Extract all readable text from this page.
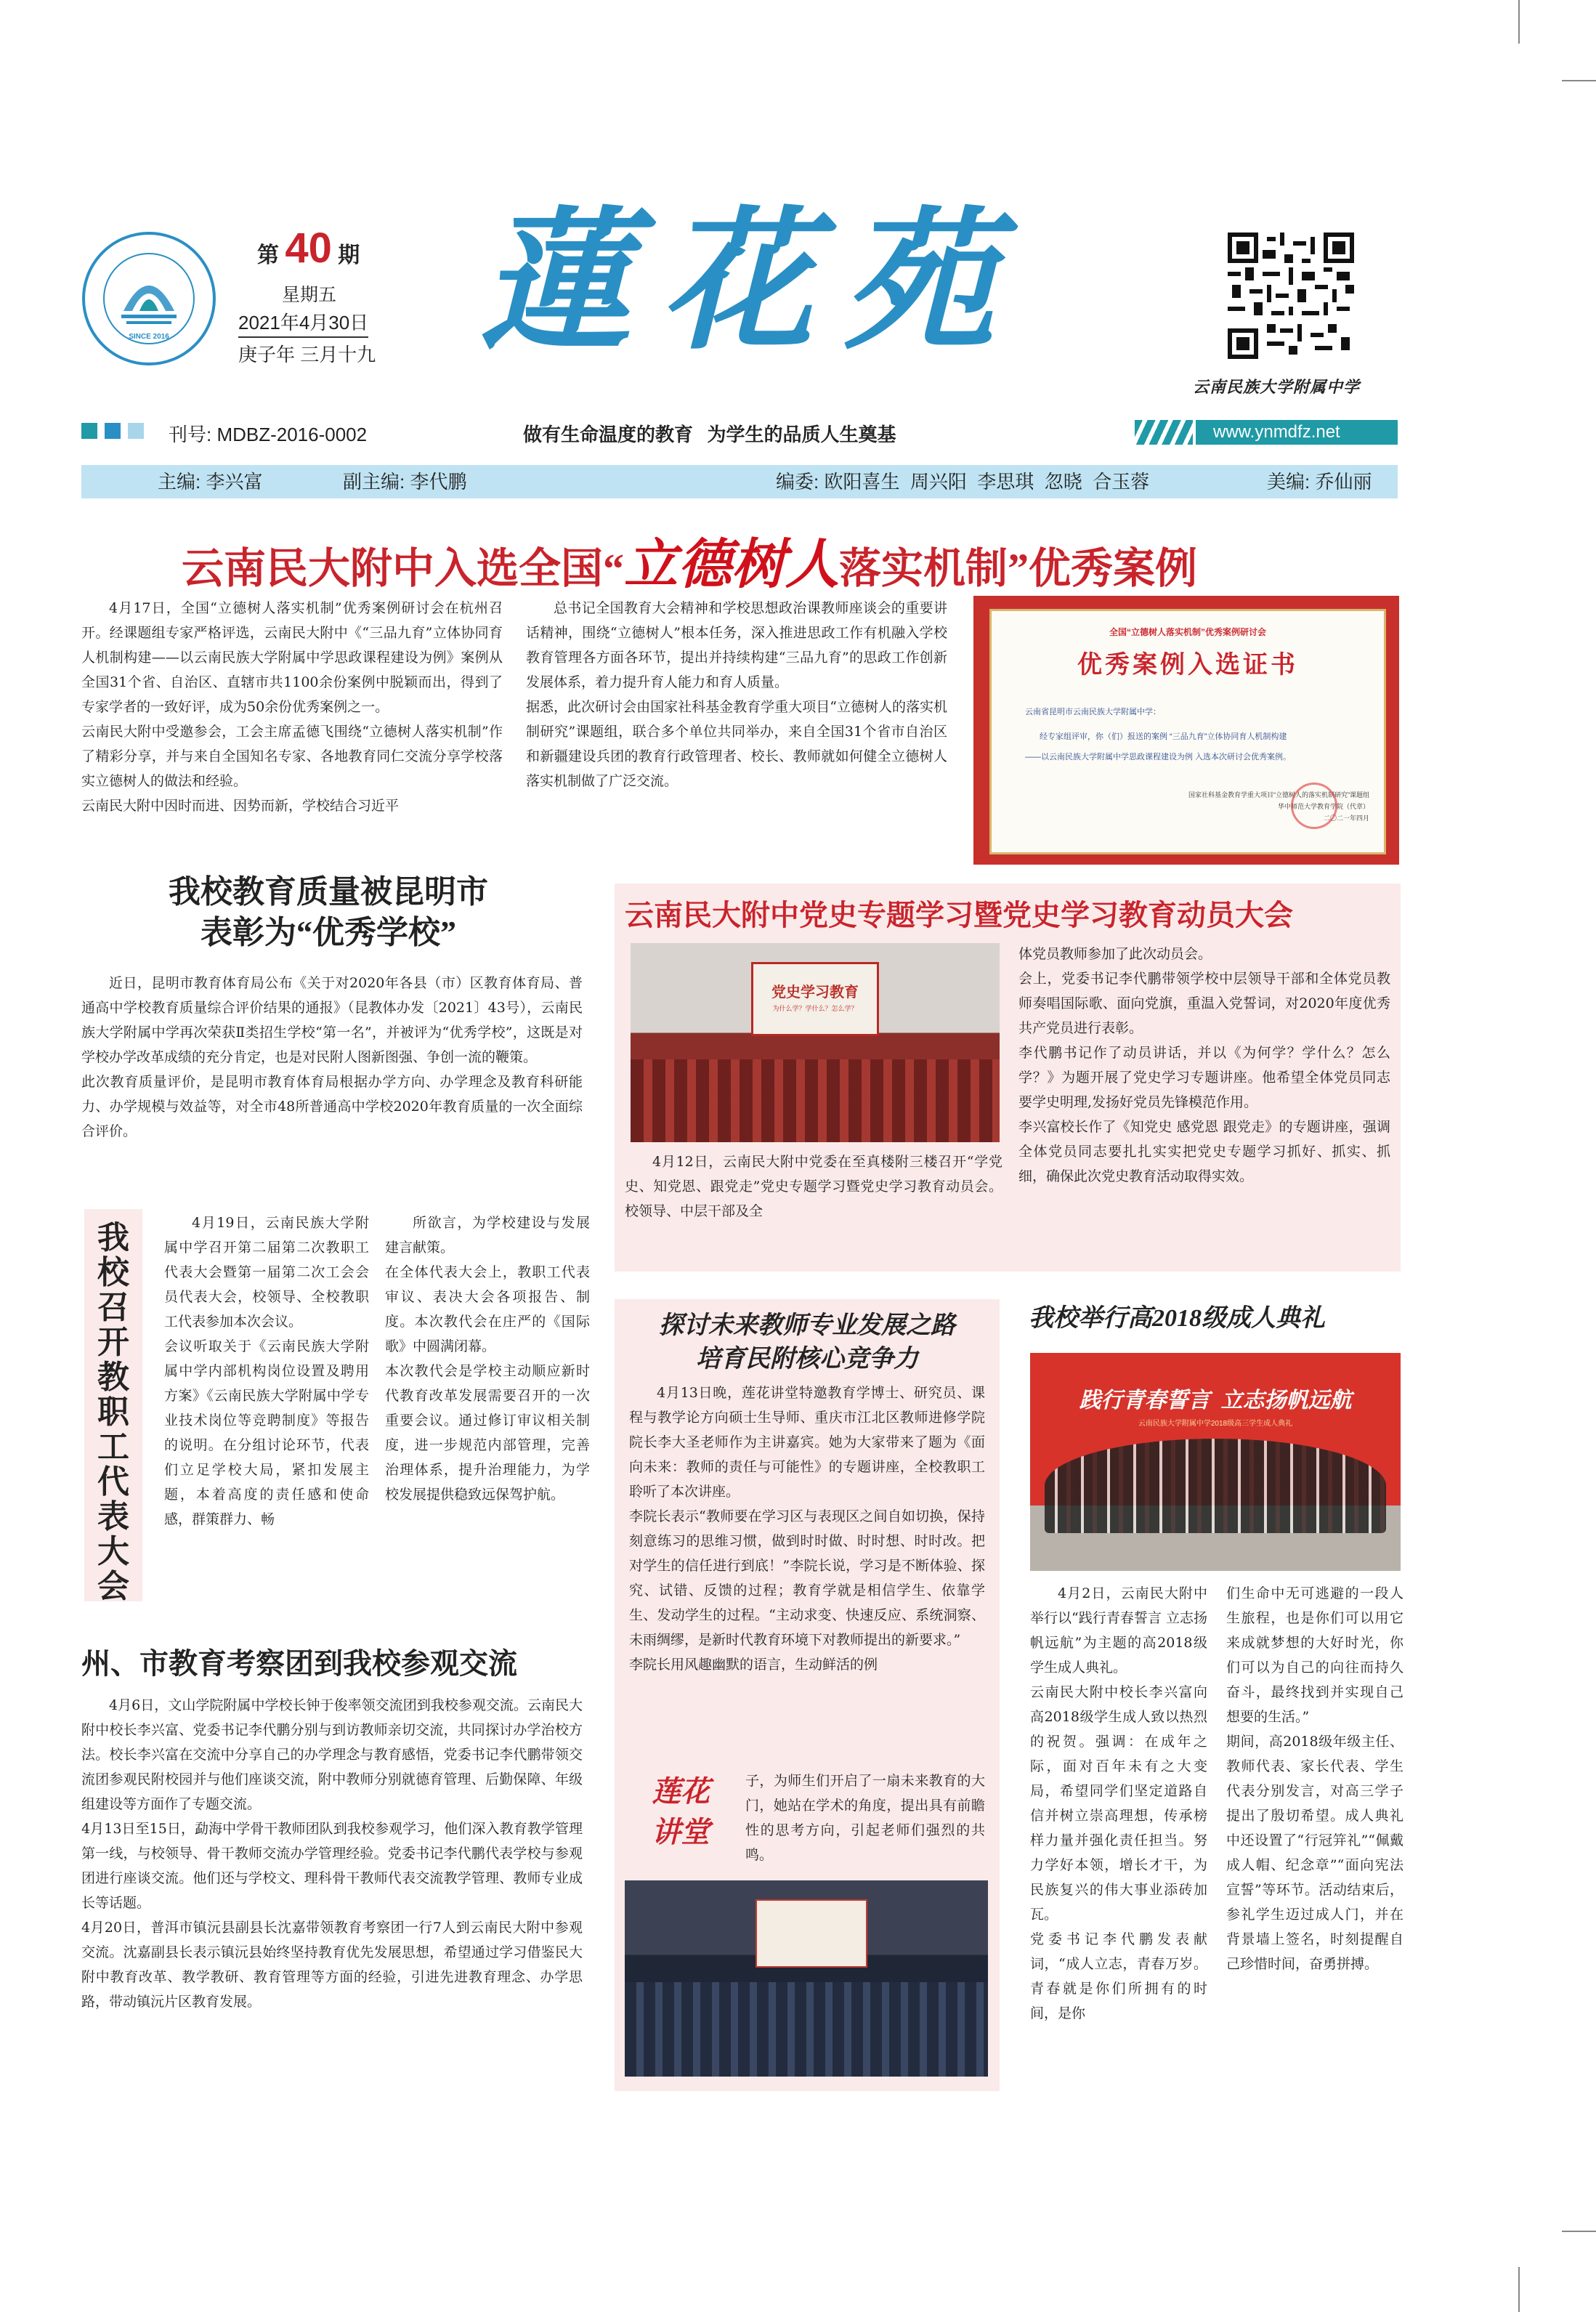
SINCE 2016
第 40 期
星期五
2021年4月30日
庚子年 三月十九 蓮花苑
云南民族大学附属中学
刊号: MDBZ-2016-0002	做有生命温度的教育   为学生的品质人生奠基	www.ynmdfz.net
主编: 李兴富	副主编: 李代鹏	编委: 欧阳喜生  周兴阳  李思琪  忽晓  合玉蓉	美编: 乔仙丽
云南民大附中入选全国“立德树人落实机制”优秀案例

4月17日，全国“立德树人落实机制”优秀案例研讨会在杭州召开。经课题组专家严格评选，云南民大附中《“三品九育”立体协同育人机制构建——以云南民族大学附属中学思政课程建设为例》案例从全国31个省、自治区、直辖市共1100余份案例中脱颖而出，得到了专家学者的一致好评，成为50余份优秀案例之一。
云南民大附中受邀参会，工会主席孟德飞围绕“立德树人落实机制”作了精彩分享，并与来自全国知名专家、各地教育同仁交流分享学校落实立德树人的做法和经验。
云南民大附中因时而进、因势而新，学校结合习近平

总书记全国教育大会精神和学校思想政治课教师座谈会的重要讲话精神，围绕“立德树人”根本任务，深入推进思政工作有机融入学校教育管理各方面各环节，提出并持续构建“三品九育”的思政工作创新发展体系，着力提升育人能力和育人质量。
据悉，此次研讨会由国家社科基金教育学重大项目“立德树人的落实机制研究”课题组，联合多个单位共同举办，来自全国31个省市自治区和新疆建设兵团的教育行政管理者、校长、教师就如何健全立德树人落实机制做了广泛交流。

全国“立德树人落实机制”优秀案例研讨会
优秀案例入选证书
云南省昆明市云南民族大学附属中学：
经专家组评审，你（们）报送的案例 “三品九育”立体协同育人机制构建
——以云南民族大学附属中学思政课程建设为例 入选本次研讨会优秀案例。
国家社科基金教育学重大项目“立德树人的落实机制研究”课题组
华中师范大学教育学院（代章）
二〇二一年四月
我校教育质量被昆明市
表彰为“优秀学校”

近日，昆明市教育体育局公布《关于对2020年各县（市）区教育体育局、普通高中学校教育质量综合评价结果的通报》（昆教体办发〔2021〕43号），云南民族大学附属中学再次荣获Ⅱ类招生学校“第一名”，并被评为“优秀学校”，这既是对学校办学改革成绩的充分肯定，也是对民附人图新图强、争创一流的鞭策。
此次教育质量评价，是昆明市教育体育局根据办学方向、办学理念及教育科研能力、办学规模与效益等，对全市48所普通高中学校2020年教育质量的一次全面综合评价。

我校召开教职工代表大会

4月19日，云南民族大学附属中学召开第二届第二次教职工代表大会暨第一届第二次工会会员代表大会，校领导、全校教职工代表参加本次会议。
会议听取关于《云南民族大学附属中学内部机构岗位设置及聘用方案》《云南民族大学附属中学专业技术岗位等竞聘制度》等报告的说明。在分组讨论环节，代表们立足学校大局，紧扣发展主题，本着高度的责任感和使命感，群策群力、畅

所欲言，为学校建设与发展建言献策。
在全体代表大会上，教职工代表审议、表决大会各项报告、制度。本次教代会在庄严的《国际歌》中圆满闭幕。
本次教代会是学校主动顺应新时代教育改革发展需要召开的一次重要会议。通过修订审议相关制度，进一步规范内部管理，完善治理体系，提升治理能力，为学校发展提供稳致远保驾护航。

州、市教育考察团到我校参观交流

4月6日，文山学院附属中学校长钟于俊率领交流团到我校参观交流。云南民大附中校长李兴富、党委书记李代鹏分别与到访教师亲切交流，共同探讨办学治校方法。校长李兴富在交流中分享自己的办学理念与教育感悟，党委书记李代鹏带领交流团参观民附校园并与他们座谈交流，附中教师分别就德育管理、后勤保障、年级组建设等方面作了专题交流。
4月13日至15日，勐海中学骨干教师团队到我校参观学习，他们深入教育教学管理第一线，与校领导、骨干教师交流办学管理经验。党委书记李代鹏代表学校与参观团进行座谈交流。他们还与学校文、理科骨干教师代表交流教学管理、教师专业成长等话题。
4月20日，普洱市镇沅县副县长沈嘉带领教育考察团一行7人到云南民大附中参观交流。沈嘉副县长表示镇沅县始终坚持教育优先发展思想，希望通过学习借鉴民大附中教育改革、教学教研、教育管理等方面的经验，引进先进教育理念、办学思路，带动镇沅片区教育发展。

云南民大附中党史专题学习暨党史学习教育动员大会
党史学习教育
为什么学？学什么？怎么学？

4月12日，云南民大附中党委在至真楼附三楼召开“学党史、知党恩、跟党走”党史专题学习暨党史学习教育动员会。校领导、中层干部及全

体党员教师参加了此次动员会。
会上，党委书记李代鹏带领学校中层领导干部和全体党员教师奏唱国际歌、面向党旗，重温入党誓词，对2020年度优秀共产党员进行表彰。
李代鹏书记作了动员讲话，并以《为何学？学什么？怎么学？》为题开展了党史学习专题讲座。他希望全体党员同志要学史明理,发扬好党员先锋模范作用。
李兴富校长作了《知党史 感党恩 跟党走》的专题讲座，强调全体党员同志要扎扎实实把党史专题学习抓好、抓实、抓细，确保此次党史教育活动取得实效。

探讨未来教师专业发展之路
培育民附核心竞争力

4月13日晚，莲花讲堂特邀教育学博士、研究员、课程与教学论方向硕士生导师、重庆市江北区教师进修学院院长李大圣老师作为主讲嘉宾。她为大家带来了题为《面向未来：教师的责任与可能性》的专题讲座，全校教职工聆听了本次讲座。
李院长表示“教师要在学习区与表现区之间自如切换，保持刻意练习的思维习惯，做到时时做、时时想、时时改。把对学生的信任进行到底！”李院长说，学习是不断体验、探究、试错、反馈的过程；教育学就是相信学生、依靠学生、发动学生的过程。“主动求变、快速反应、系统洞察、未雨绸缪，是新时代教育环境下对教师提出的新要求。”
李院长用风趣幽默的语言，生动鲜活的例

莲花讲堂

子，为师生们开启了一扇未来教育的大门，她站在学术的角度，提出具有前瞻性的思考方向，引起老师们强烈的共鸣。

我校举行高2018级成人典礼
践行青春誓言  立志扬帆远航
云南民族大学附属中学2018级高三学生成人典礼

4月2日，云南民大附中举行以“践行青春誓言 立志扬帆远航”为主题的高2018级学生成人典礼。
云南民大附中校长李兴富向高2018级学生成人致以热烈的祝贺。强调：在成年之际，面对百年未有之大变局，希望同学们坚定道路自信并树立崇高理想，传承榜样力量并强化责任担当。努力学好本领，增长才干，为民族复兴的伟大事业添砖加瓦。
党委书记李代鹏发表献词，“成人立志，青春万岁。青春就是你们所拥有的时间，是你

们生命中无可逃避的一段人生旅程，也是你们可以用它来成就梦想的大好时光，你们可以为自己的向往而持久奋斗，最终找到并实现自己想要的生活。”
期间，高2018级年级主任、教师代表、家长代表、学生代表分别发言，对高三学子提出了殷切希望。成人典礼中还设置了“行冠笄礼”“佩戴成人帽、纪念章”“面向宪法宣誓”等环节。活动结束后，参礼学生迈过成人门，并在背景墙上签名，时刻提醒自己珍惜时间，奋勇拼搏。
